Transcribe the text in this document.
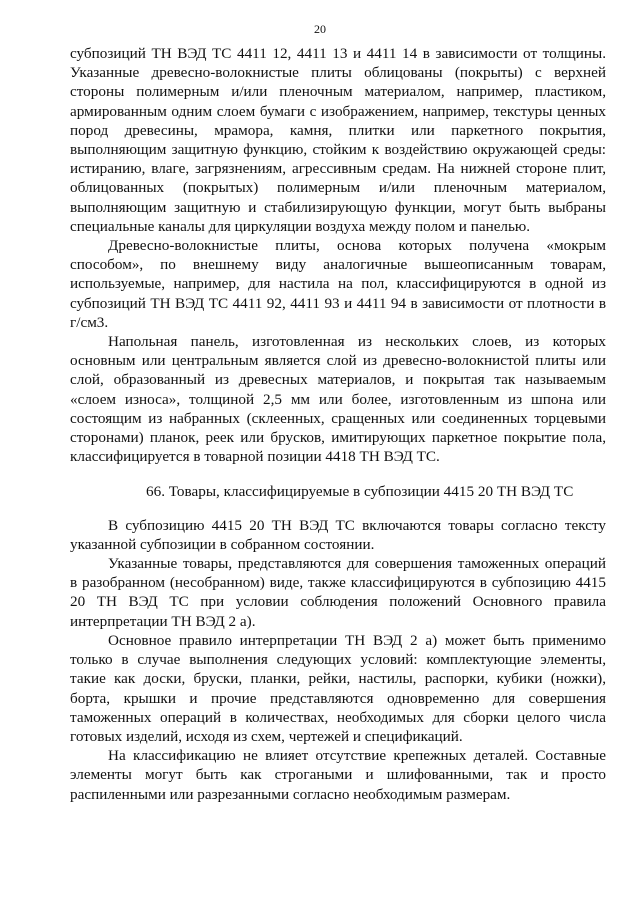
20

субпозиций ТН ВЭД ТС 4411 12, 4411 13 и 4411 14 в зависимости от толщины. Указанные древесно-волокнистые плиты облицованы (покрыты) с верхней стороны полимерным и/или пленочным материалом, например, пластиком, армированным одним слоем бумаги с изображением, например, текстуры ценных пород древесины, мрамора, камня, плитки или паркетного покрытия, выполняющим защитную функцию, стойким к воздействию окружающей среды: истиранию, влаге, загрязнениям, агрессивным средам. На нижней стороне плит, облицованных (покрытых) полимерным и/или пленочным материалом, выполняющим защитную и стабилизирующую функции, могут быть выбраны специальные каналы для циркуляции воздуха между полом и панелью.

Древесно-волокнистые плиты, основа которых получена «мокрым способом», по внешнему виду аналогичные вышеописанным товарам, используемые, например, для настила на пол, классифицируются в одной из субпозиций ТН ВЭД ТС 4411 92, 4411 93 и 4411 94 в зависимости от плотности в г/см3.

Напольная панель, изготовленная из нескольких слоев, из которых основным или центральным является слой из древесно-волокнистой плиты или слой, образованный из древесных материалов, и покрытая так называемым «слоем износа», толщиной 2,5 мм или более, изготовленным из шпона или состоящим из набранных (склеенных, сращенных или соединенных торцевыми сторонами) планок, реек или брусков, имитирующих паркетное покрытие пола, классифицируется в товарной позиции 4418 ТН ВЭД ТС.

66. Товары, классифицируемые в субпозиции 4415 20 ТН ВЭД ТС

В субпозицию 4415 20 ТН ВЭД ТС включаются товары согласно тексту указанной субпозиции в собранном состоянии.

Указанные товары, представляются для совершения таможенных операций в разобранном (несобранном) виде, также классифицируются в субпозицию 4415 20 ТН ВЭД ТС при условии соблюдения положений Основного правила интерпретации ТН ВЭД 2 а).

Основное правило интерпретации ТН ВЭД 2 а) может быть применимо только в случае выполнения следующих условий: комплектующие элементы, такие как доски, бруски, планки, рейки, настилы, распорки, кубики (ножки), борта, крышки и прочие представляются одновременно для совершения таможенных операций в количествах, необходимых для сборки целого числа готовых изделий, исходя из схем, чертежей и спецификаций.

На классификацию не влияет отсутствие крепежных деталей. Составные элементы могут быть как строгаными и шлифованными, так и просто распиленными или разрезанными согласно необходимым размерам.
